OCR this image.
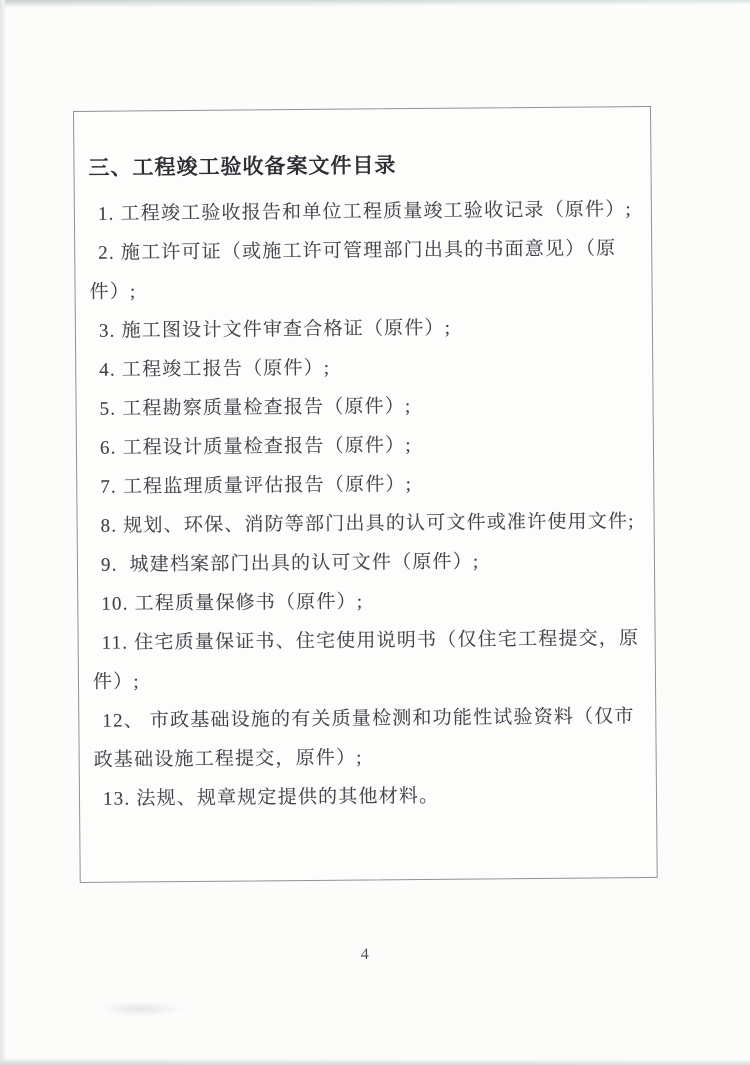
三、工程竣工验收备案文件目录

1. 工程竣工验收报告和单位工程质量竣工验收记录（原件）;

2. 施工许可证（或施工许可管理部门出具的书面意见）（原件）;

3. 施工图设计文件审查合格证（原件）;

4. 工程竣工报告（原件）;

5. 工程勘察质量检查报告（原件）;

6. 工程设计质量检查报告（原件）;

7. 工程监理质量评估报告（原件）;

8. 规划、环保、消防等部门出具的认可文件或准许使用文件;

9.  城建档案部门出具的认可文件（原件）;

10. 工程质量保修书（原件）;

11. 住宅质量保证书、住宅使用说明书（仅住宅工程提交，原件）;

12、 市政基础设施的有关质量检测和功能性试验资料（仅市政基础设施工程提交，原件）;

13. 法规、规章规定提供的其他材料。

4
